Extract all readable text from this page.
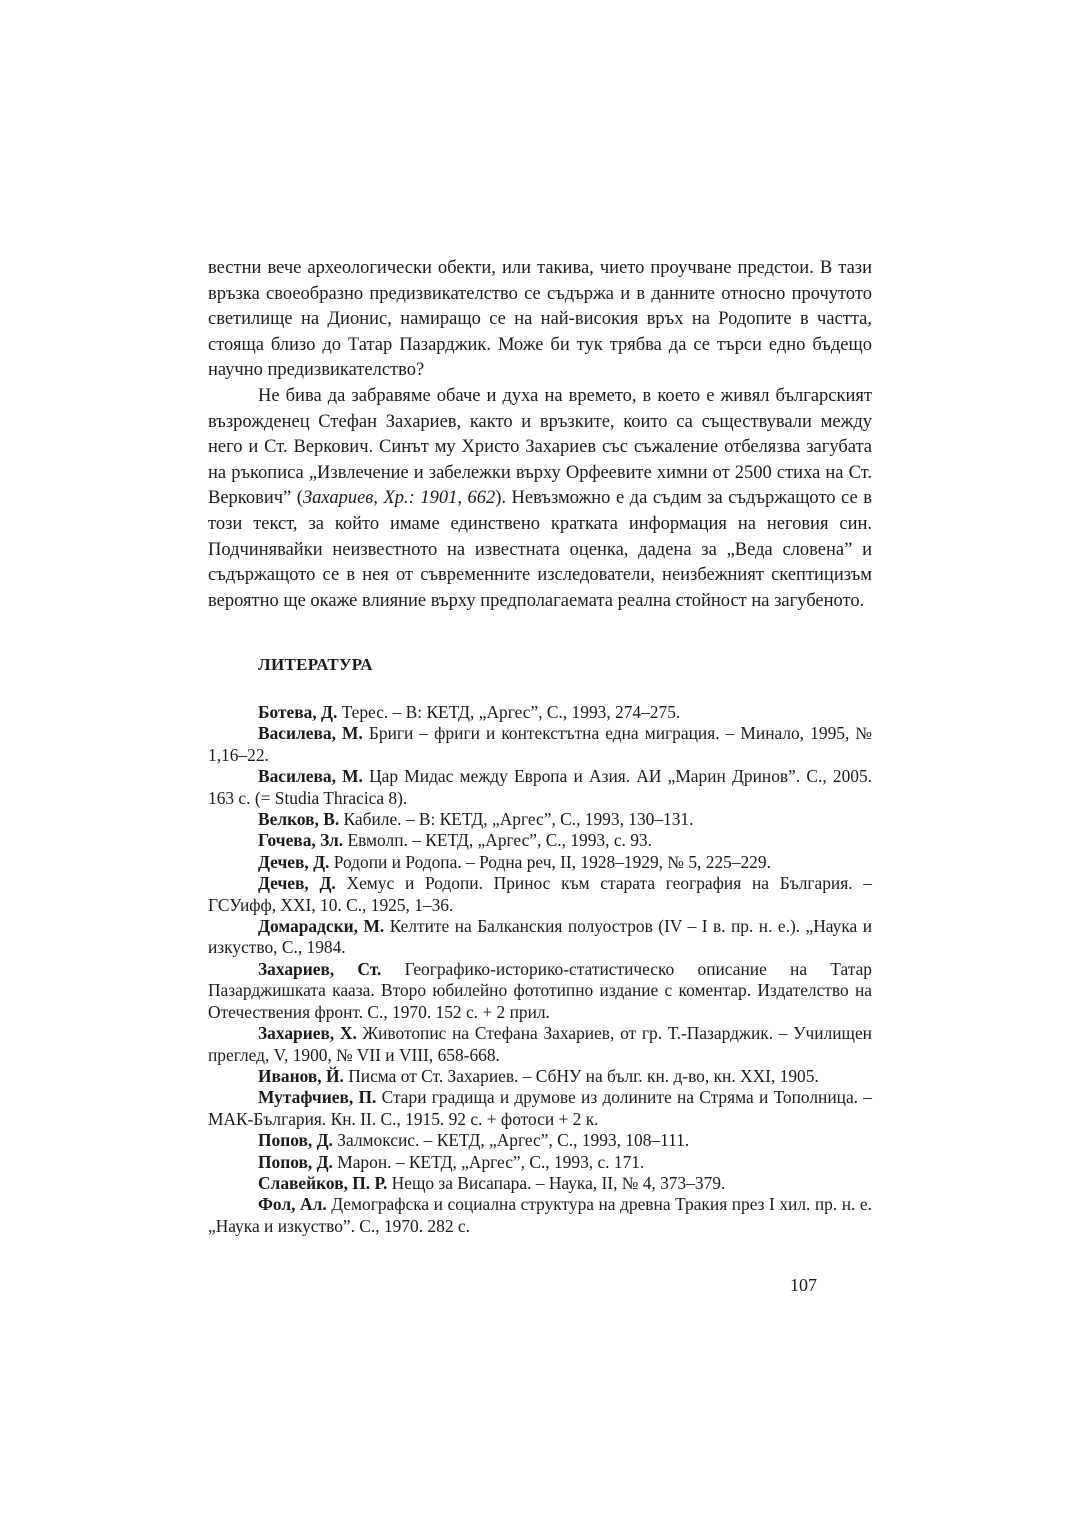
вестни вече археологически обекти, или такива, чието проучване предстои. В тази връзка своеобразно предизвикателство се съдържа и в данните относно прочутото светилище на Дионис, намиращо се на най-високия връх на Родопите в частта, стояща близо до Татар Пазарджик. Може би тук трябва да се търси едно бъдещо научно предизвикателство?

Не бива да забравяме обаче и духа на времето, в което е живял българският възрожденец Стефан Захариев, както и връзките, които са съществували между него и Ст. Веркович. Синът му Христо Захариев със съжаление отбелязва загубата на ръкописа „Извлечение и забележки върху Орфеевите химни от 2500 стиха на Ст. Веркович” (Захариев, Хр.: 1901, 662). Невъзможно е да съдим за съдържащото се в този текст, за който имаме единствено кратката информация на неговия син. Подчинявайки неизвестното на известната оценка, дадена за „Веда словена” и съдържащото се в нея от съвременните изследователи, неизбежният скептицизъм вероятно ще окаже влияние върху предполагаемата реална стойност на загубеното.

ЛИТЕРАТУРА

Ботева, Д. Терес. – В: КЕТД, „Аргес”, С., 1993, 274–275.

Василева, М. Бриги – фриги и контекстътна една миграция. – Минало, 1995, № 1,16–22.

Василева, М. Цар Мидас между Европа и Азия. АИ „Марин Дринов”. С., 2005. 163 с. (= Studia Thracica 8).

Велков, В. Кабиле. – В: КЕТД, „Аргес”, С., 1993, 130–131.

Гочева, Зл. Евмолп. – КЕТД, „Аргес”, С., 1993, с. 93.

Дечев, Д. Родопи и Родопа. – Родна реч, II, 1928–1929, № 5, 225–229.

Дечев, Д. Хемус и Родопи. Принос към старата география на България. – ГСУифф, XXI, 10. С., 1925, 1–36.

Домарадски, М. Келтите на Балканския полуостров (IV – I в. пр. н. е.). „Наука и изкуство, С., 1984.

Захариев, Ст. Географико-историко-статистическо описание на Татар Пазарджишката кааза. Второ юбилейно фототипно издание с коментар. Издателство на Отечествения фронт. С., 1970. 152 с. + 2 прил.

Захариев, Х. Животопис на Стефана Захариев, от гр. Т.-Пазарджик. – Училищен преглед, V, 1900, № VII и VIII, 658-668.

Иванов, Й. Писма от Ст. Захариев. – СбНУ на бълг. кн. д-во, кн. XXI, 1905.

Мутафчиев, П. Стари градища и друмове из долините на Стряма и Тополница. – МАК-България. Кн. II. С., 1915. 92 с. + фотоси + 2 к.

Попов, Д. Залмоксис. – КЕТД, „Аргес”, С., 1993, 108–111.

Попов, Д. Марон. – КЕТД, „Аргес”, С., 1993, с. 171.

Славейков, П. Р. Нещо за Висапара. – Наука, II, № 4, 373–379.

Фол, Ал. Демографска и социална структура на древна Тракия през I хил. пр. н. е. „Наука и изкуство”. С., 1970. 282 с.

107
